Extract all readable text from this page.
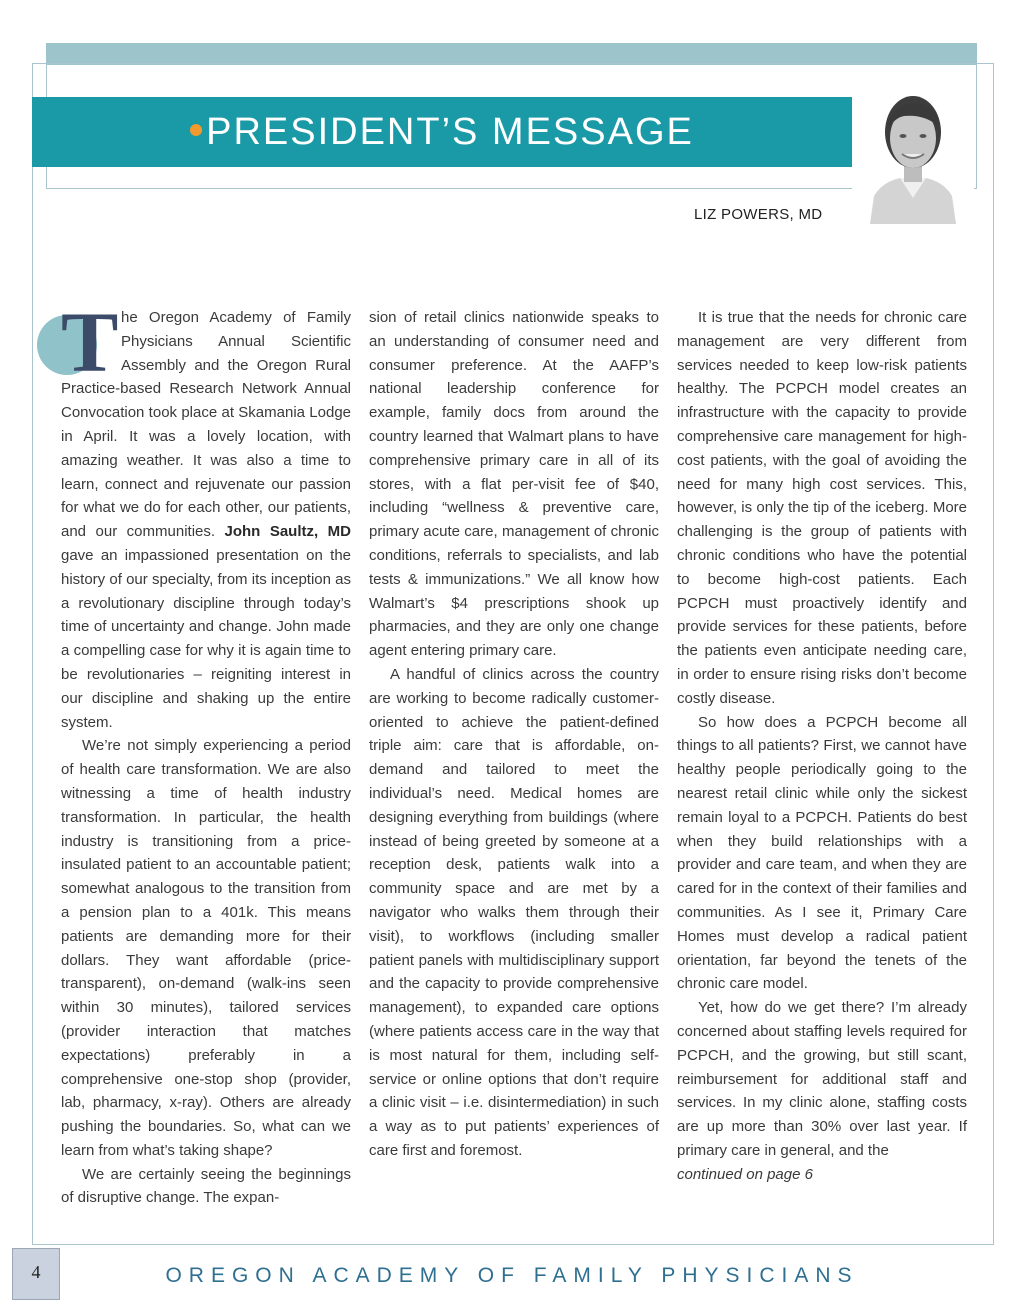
PRESIDENT’S MESSAGE
LIZ POWERS, MD

T he Oregon Academy of Family Physicians Annual Scientific Assembly and the Oregon Rural Practice-based Research Network Annual Convocation took place at Skamania Lodge in April. It was a lovely location, with amazing weather. It was also a time to learn, connect and rejuvenate our passion for what we do for each other, our patients, and our communities. John Saultz, MD gave an impassioned presentation on the history of our specialty, from its inception as a revolutionary discipline through today’s time of uncertainty and change. John made a compelling case for why it is again time to be revolutionaries – reigniting interest in our discipline and shaking up the entire system.

We’re not simply experiencing a period of health care transformation. We are also witnessing a time of health industry transformation. In particular, the health industry is transitioning from a price-insulated patient to an accountable patient; somewhat analogous to the transition from a pension plan to a 401k. This means patients are demanding more for their dollars. They want affordable (price-transparent), on-demand (walk-ins seen within 30 minutes), tailored services (provider interaction that matches expectations) preferably in a comprehensive one-stop shop (provider, lab, pharmacy, x-ray). Others are already pushing the boundaries. So, what can we learn from what’s taking shape?

We are certainly seeing the beginnings of disruptive change. The expan-

sion of retail clinics nationwide speaks to an understanding of consumer need and consumer preference. At the AAFP’s national leadership conference for example, family docs from around the country learned that Walmart plans to have comprehensive primary care in all of its stores, with a flat per-visit fee of $40, including “wellness & preventive care, primary acute care, management of chronic conditions, referrals to specialists, and lab tests & immunizations.” We all know how Walmart’s $4 prescriptions shook up pharmacies, and they are only one change agent entering primary care.

A handful of clinics across the country are working to become radically customer-oriented to achieve the patient-defined triple aim: care that is affordable, on-demand and tailored to meet the individual’s need. Medical homes are designing everything from buildings (where instead of being greeted by someone at a reception desk, patients walk into a community space and are met by a navigator who walks them through their visit), to workflows (including smaller patient panels with multidisciplinary support and the capacity to provide comprehensive management), to expanded care options (where patients access care in the way that is most natural for them, including self-service or online options that don’t require a clinic visit – i.e. disintermediation) in such a way as to put patients’ experiences of care first and foremost.

It is true that the needs for chronic care management are very different from services needed to keep low-risk patients healthy. The PCPCH model creates an infrastructure with the capacity to provide comprehensive care management for high-cost patients, with the goal of avoiding the need for many high cost services. This, however, is only the tip of the iceberg. More challenging is the group of patients with chronic conditions who have the potential to become high-cost patients. Each PCPCH must proactively identify and provide services for these patients, before the patients even anticipate needing care, in order to ensure rising risks don’t become costly disease.

So how does a PCPCH become all things to all patients? First, we cannot have healthy people periodically going to the nearest retail clinic while only the sickest remain loyal to a PCPCH. Patients do best when they build relationships with a provider and care team, and when they are cared for in the context of their families and communities. As I see it, Primary Care Homes must develop a radical patient orientation, far beyond the tenets of the chronic care model.

Yet, how do we get there? I’m already concerned about staffing levels required for PCPCH, and the growing, but still scant, reimbursement for additional staff and services. In my clinic alone, staffing costs are up more than 30% over last year. If primary care in general, and the

continued on page 6

4	OREGON ACADEMY OF FAMILY PHYSICIANS
